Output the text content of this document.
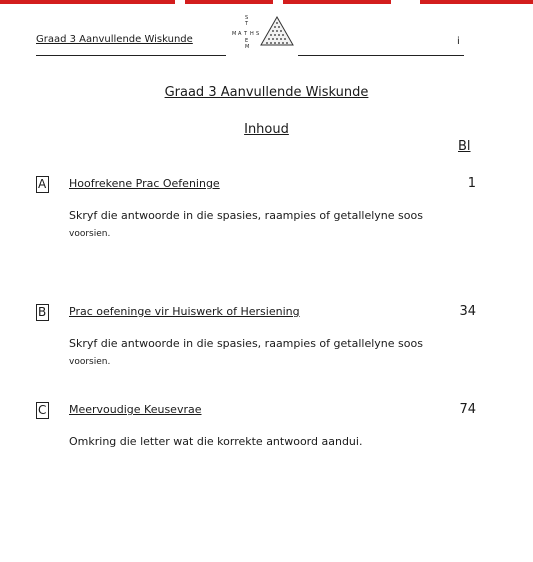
Graad 3 Aanvullende Wiskunde	M A T H S
S
T
E
M	i
Graad 3 Aanvullende Wiskunde
Inhoud
Bl
A Hoofrekene Prac Oefeninge	1
Skryf die antwoorde in die spasies, raampies of getallelyne soos
voorsien.
B Prac oefeninge vir Huiswerk of Hersiening	34
Skryf die antwoorde in die spasies, raampies of getallelyne soos
voorsien.
C Meervoudige Keusevrae	74
Omkring die letter wat die korrekte antwoord aandui.
